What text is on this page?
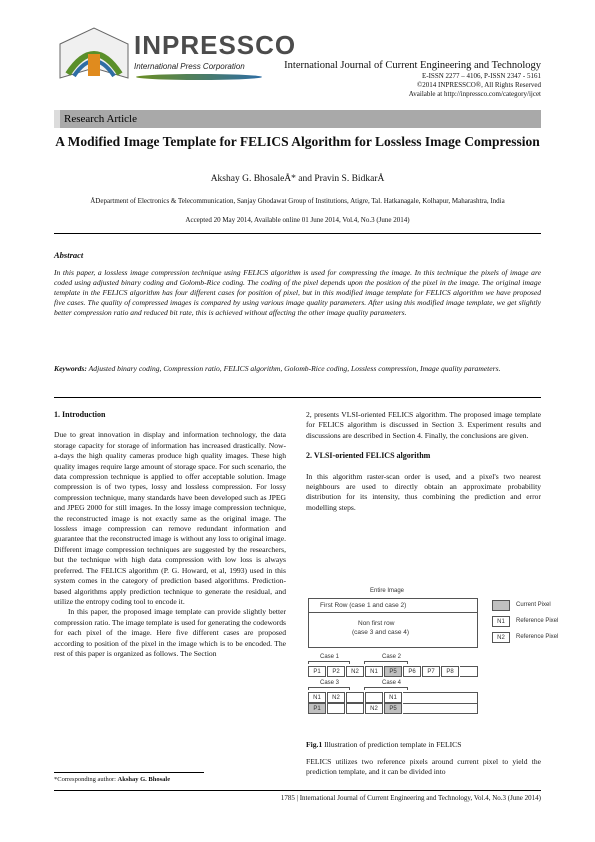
INPRESSCO
International Press Corporation	International Journal of Current Engineering and Technology
E-ISSN 2277 – 4106, P-ISSN 2347 - 5161
©2014 INPRESSCO®, All Rights Reserved
Available at http://inpressco.com/category/ijcet
Research Article
A Modified Image Template for FELICS Algorithm for Lossless Image Compression
Akshay G. BhosaleÅ* and Pravin S. BidkarÅ
ÅDepartment of Electronics & Telecommunication, Sanjay Ghodawat Group of Institutions, Atigre, Tal. Hatkanagale, Kolhapur, Maharashtra, India
Accepted 20 May 2014, Available online 01 June 2014, Vol.4, No.3 (June 2014)
Abstract
In this paper, a lossless image compression technique using FELICS algorithm is used for compressing the image. In this technique the pixels of image are coded using adjusted binary coding and Golomb-Rice coding. The coding of the pixel depends upon the position of the pixel in the image. The original image template in the FELICS algorithm has four different cases for position of pixel, but in this modified image template for FELICS algorithm we have proposed five cases. The quality of compressed images is compared by using various image quality parameters. After using this modified image template, we get slightly better compression ratio and reduced bit rate, this is achieved without affecting the other image quality parameters.
Keywords: Adjusted binary coding, Compression ratio, FELICS algorithm, Golomb-Rice coding, Lossless compression, Image quality parameters.
1. Introduction

Due to great innovation in display and information technology, the data storage capacity for storage of information has increased drastically. Now-a-days the high quality cameras produce high quality images. These high quality images require large amount of storage space. For such scenario, the data compression technique is applied to offer acceptable solution. Image compression is of two types, lossy and lossless compression. For lossy compression technique, many standards have been developed such as JPEG and JPEG 2000 for still images. In the lossy image compression technique, the reconstructed image is not exactly same as the original image. The lossless image compression can remove redundant information and guarantee that the reconstructed image is without any loss to original image. Different image compression techniques are suggested by the researchers, but the technique with high data compression with low loss is always preferred. The FELICS algorithm (P. G. Howard, et al, 1993) used in this system comes in the category of prediction based algorithms. Prediction-based algorithms apply prediction technique to generate the residual, and utilize the entropy coding tool to encode it.

In this paper, the proposed image template can provide slightly better compression ratio. The image template is used for generating the codewords for each pixel of the image. Here five different cases are proposed according to position of the pixel in the image which is to be encoded. The rest of this paper is organized as follows. The Section

2, presents VLSI-oriented FELICS algorithm. The proposed image template for FELICS algorithm is discussed in Section 3. Experiment results and discussions are described in Section 4. Finally, the conclusions are given.

2. VLSI-oriented FELICS algorithm

In this algorithm raster-scan order is used, and a pixel's two nearest neighbours are used to directly obtain an approximate probability distribution for its intensity, thus combining the prediction and error modelling steps.

Entire Image
First Row (case 1 and case 2)
Non first row
(case 3 and case 4)
Current Pixel
N1	Reference Pixel
N2	Reference Pixel
Case 1	Case 2
Case 3	Case 4
N1	N2	N1
P1	N2	P5
P1	P2	N2	N1	P5	P6	P7	P8
Fig.1 Illustration of prediction template in FELICS

FELICS utilizes two reference pixels around current pixel to yield the prediction template, and it can be divided into

*Corresponding author: Akshay G. Bhosale
1785 | International Journal of Current Engineering and Technology, Vol.4, No.3 (June 2014)
